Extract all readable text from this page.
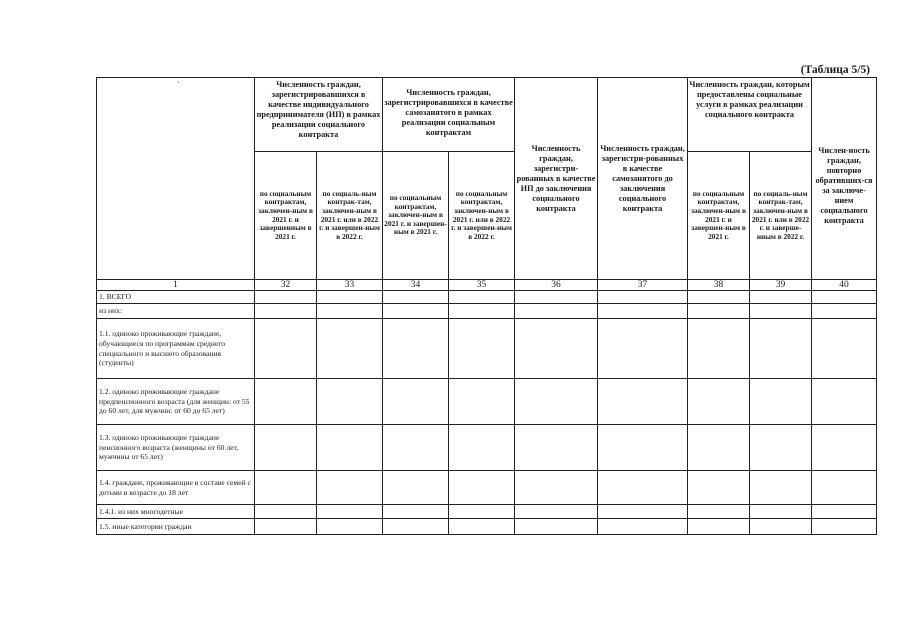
(Таблица 5/5)
·	Численность граждан, зарегистрировавшихся в качестве индивидуального предпринимателя (ИП) в рамках реализации социального контракта		Численность граждан, зарегистрировавшихся в качестве самозанятого в рамках реализации социальным контрактам		Численность граждан, зарегистри-рованных в качестве ИП до заключения социального контракта	Численность граждан, зарегистри-рованных в качестве самозанятого до заключения социального контракта	Численность граждан, которым предоставлены социальные услуги в рамках реализации социального контракта		Числен-ность граждан, повторно обративших-ся за заключе-нием социального контракта
	по социальным контрактам, заключен-ным в 2021 г. и завершенным в 2021 г.	по социаль-ным контрак-там, заключен-ным в 2021 г. или в 2022 г. и завершен-ным в 2022 г.	по социальным контрактам, заключен-ным в 2021 г. и завершен-ным в 2021 г.	по социальным контрактам, заключен-ным в 2021 г. или в 2022 г. и завершен-ным в 2022 г.			по социальным контрактам, заключен-ным в 2021 г. и завершен-ным в 2021 г.	по социаль-ным контрак-там, заключен-ным в 2021 г. или в 2022 г. и заверше-нным в 2022 г.	
1	32	33	34	35	36	37	38	39	40
1. ВСЕГО									
из них:									
1.1. одиноко проживающие граждане, обучающиеся по программам среднего специального и высшего образования (студенты)									
1.2. одиноко проживающие граждане предпенсионного возраста (для женщин: от 55 до 60 лет, для мужчин: от 60 до 65 лет)									
1.3. одиноко проживающие граждане пенсионного возраста (женщины от 60 лет, мужчины от 65 лет)									
1.4. граждане, проживающие в составе семей с детьми в возрасте до 18 лет									
1.4.1. из них многодетные									
1.5. иные категории граждан									
